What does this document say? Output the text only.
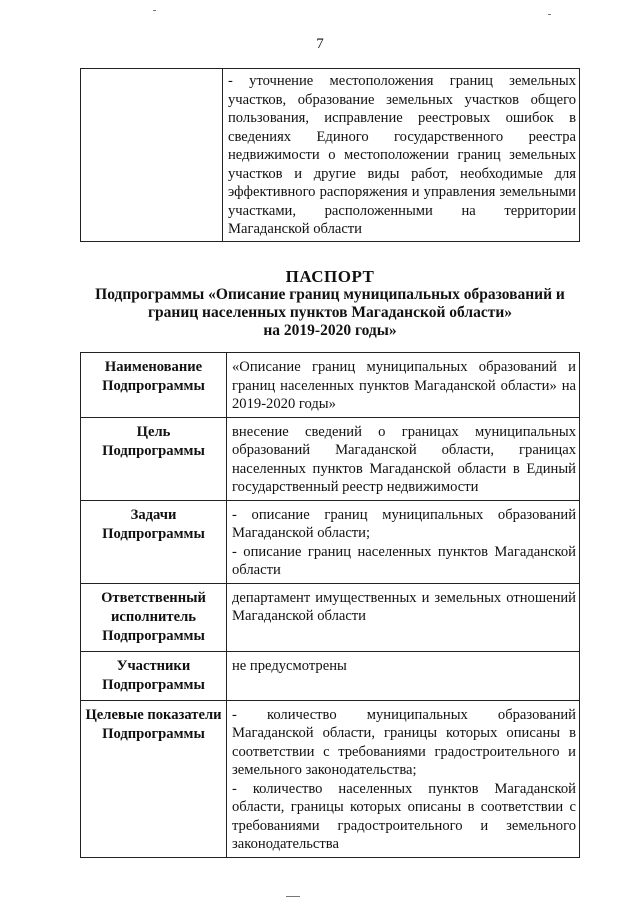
7
	- уточнение местоположения границ земельных участков, образование земельных участков общего пользования, исправление реестровых ошибок в сведениях Единого государственного реестра недвижимости о местоположении границ земельных участков и другие виды работ, необходимые для эффективного распоряжения и управления земельными участками, расположенными на территории Магаданской области
ПАСПОРТ
Подпрограммы «Описание границ муниципальных образований и
границ населенных пунктов Магаданской области»
на 2019-2020 годы»
Наименование Подпрограммы	«Описание границ муниципальных образований и границ населенных пунктов Магаданской области» на 2019-2020 годы»

Цель Подпрограммы	внесение сведений о границах муниципальных образований Магаданской области, границах населенных пунктов Магаданской области в Единый государственный реестр недвижимости

Задачи Подпрограммы	- описание границ муниципальных образований Магаданской области;
- описание границ населенных пунктов Магаданской области

Ответственный исполнитель Подпрограммы	департамент имущественных и земельных отношений Магаданской области

Участники Подпрограммы	не предусмотрены

Целевые показатели Подпрограммы	- количество муниципальных образований Магаданской области, границы которых описаны в соответствии с требованиями градостроительного и земельного законодательства;
- количество населенных пунктов Магаданской области, границы которых описаны в соответствии с требованиями градостроительного и земельного законодательства
